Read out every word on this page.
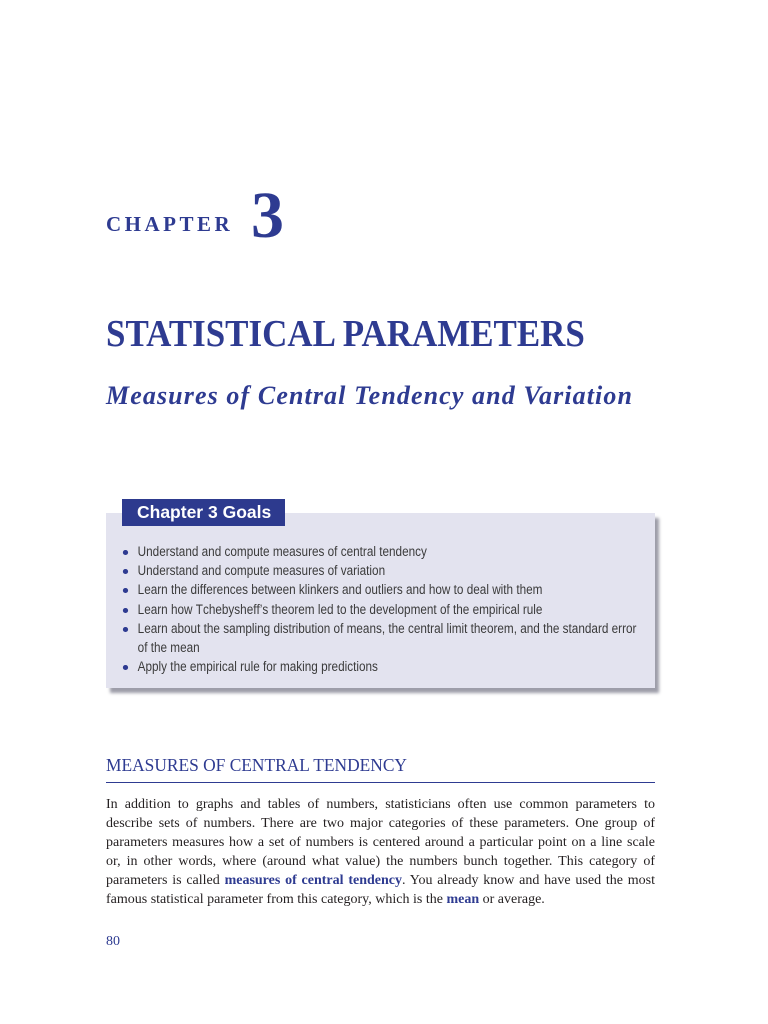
CHAPTER 3
STATISTICAL PARAMETERS
Measures of Central Tendency and Variation
Understand and compute measures of central tendency
Understand and compute measures of variation
Learn the differences between klinkers and outliers and how to deal with them
Learn how Tchebysheff’s theorem led to the development of the empirical rule
Learn about the sampling distribution of means, the central limit theorem, and the standard error of the mean
Apply the empirical rule for making predictions
Chapter 3 Goals
MEASURES OF CENTRAL TENDENCY
In addition to graphs and tables of numbers, statisticians often use common parameters to
describe sets of numbers. There are two major categories of these parameters. One group of
parameters measures how a set of numbers is centered around a particular point on a line scale
or, in other words, where (around what value) the numbers bunch together. This category of
parameters is called measures of central tendency. You already know and have used the most
famous statistical parameter from this category, which is the mean or average.
80
